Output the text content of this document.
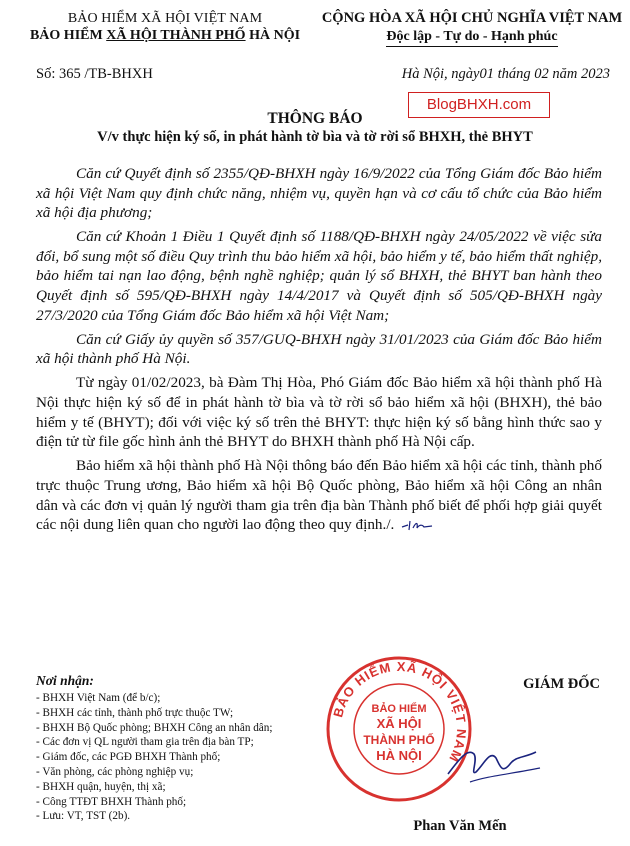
BẢO HIỂM XÃ HỘI VIỆT NAM
BẢO HIỂM XÃ HỘI THÀNH PHỐ HÀ NỘI
CỘNG HÒA XÃ HỘI CHỦ NGHĨA VIỆT NAM
Độc lập - Tự do - Hạnh phúc
Số: 365 /TB-BHXH	Hà Nội, ngày01 tháng 02 năm 2023
BlogBHXH.com
THÔNG BÁO
V/v thực hiện ký số, in phát hành tờ bìa và tờ rời sổ BHXH, thẻ BHYT

Căn cứ Quyết định số 2355/QĐ-BHXH ngày 16/9/2022 của Tổng Giám đốc Bảo hiểm xã hội Việt Nam quy định chức năng, nhiệm vụ, quyền hạn và cơ cấu tổ chức của Bảo hiểm xã hội địa phương;

Căn cứ Khoản 1 Điều 1 Quyết định số 1188/QĐ-BHXH ngày 24/05/2022 về việc sửa đổi, bổ sung một số điều Quy trình thu bảo hiểm xã hội, bảo hiểm y tế, bảo hiểm thất nghiệp, bảo hiểm tai nạn lao động, bệnh nghề nghiệp; quản lý sổ BHXH, thẻ BHYT ban hành theo Quyết định số 595/QĐ-BHXH ngày 14/4/2017 và Quyết định số 505/QĐ-BHXH ngày 27/3/2020 của Tổng Giám đốc Bảo hiểm xã hội Việt Nam;

Căn cứ Giấy ủy quyền số 357/GUQ-BHXH ngày 31/01/2023 của Giám đốc Bảo hiểm xã hội thành phố Hà Nội.

Từ ngày 01/02/2023, bà Đàm Thị Hòa, Phó Giám đốc Bảo hiểm xã hội thành phố Hà Nội thực hiện ký số để in phát hành tờ bìa và tờ rời sổ bảo hiểm xã hội (BHXH), thẻ bảo hiểm y tế (BHYT); đối với việc ký số trên thẻ BHYT: thực hiện ký số bằng hình thức sao y điện tử từ file gốc hình ảnh thẻ BHYT do BHXH thành phố Hà Nội cấp.

Bảo hiểm xã hội thành phố Hà Nội thông báo đến Bảo hiểm xã hội các tỉnh, thành phố trực thuộc Trung ương, Bảo hiểm xã hội Bộ Quốc phòng, Bảo hiểm xã hội Công an nhân dân và các đơn vị quản lý người tham gia trên địa bàn Thành phố biết để phối hợp giải quyết các nội dung liên quan cho người lao động theo quy định./.

Nơi nhận:
- BHXH Việt Nam (để b/c);
- BHXH các tỉnh, thành phố trực thuộc TW;
- BHXH Bộ Quốc phòng; BHXH Công an nhân dân;
- Các đơn vị QL người tham gia trên địa bàn TP;
- Giám đốc, các PGĐ BHXH Thành phố;
- Văn phòng, các phòng nghiệp vụ;
- BHXH quận, huyện, thị xã;
- Công TTĐT BHXH Thành phố;
- Lưu: VT, TST (2b).
BẢO HIỂM XÃ HỘI VIỆT NAM
BẢO HIỂM
XÃ HỘI
THÀNH PHỐ
HÀ NỘI
GIÁM ĐỐC
Phan Văn Mến
